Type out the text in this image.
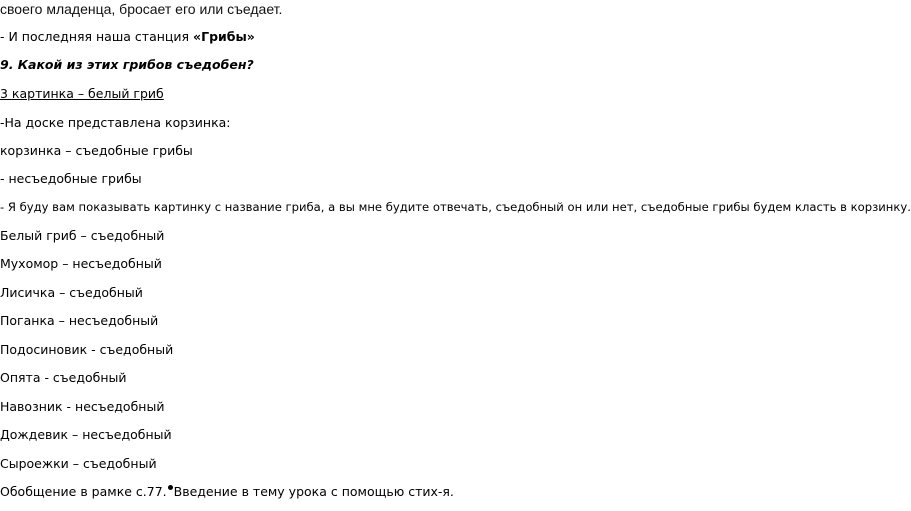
своего младенца, бросает его или съедает.
- И последняя наша станция «Грибы»
9. Какой из этих грибов съедобен?
3 картинка – белый гриб
-На доске представлена корзинка:
корзинка – съедобные грибы
- несъедобные грибы
- Я буду вам показывать картинку с название гриба, а вы мне будите отвечать, съедобный он или нет, съедобные грибы будем класть в корзинку.
Белый гриб – съедобный
Мухомор – несъедобный
Лисичка – съедобный
Поганка – несъедобный
Подосиновик - съедобный
Опята - съедобный
Навозник - несъедобный
Дождевик – несъедобный
Сыроежки – съедобный
Обобщение в рамке с.77. Введение в тему урока с помощью стих-я.
